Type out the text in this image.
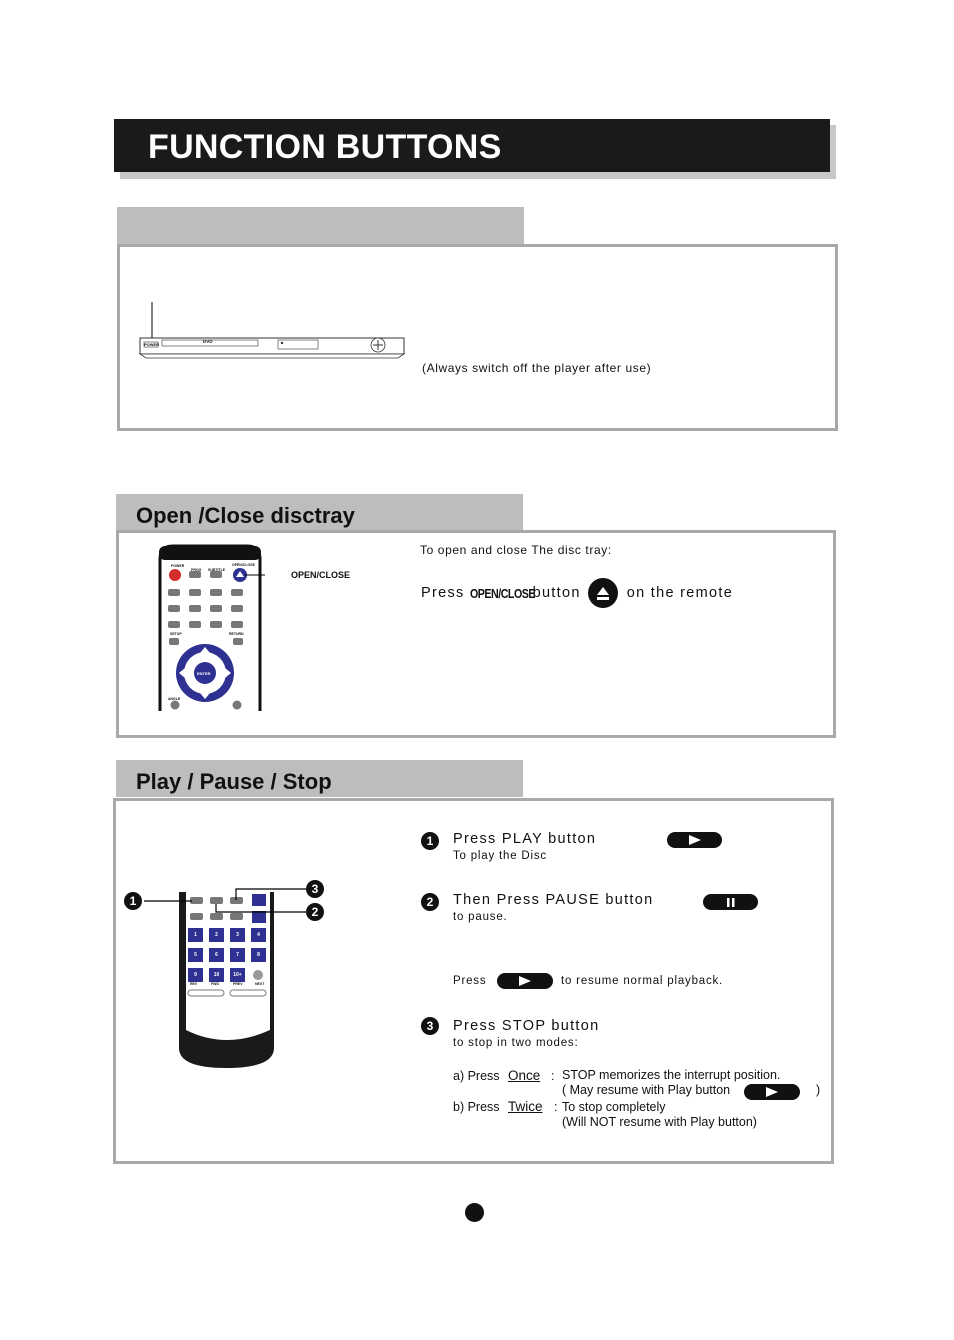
FUNCTION BUTTONS
POWER
DVD
(Always switch off the player after use)
Open /Close disctray
POWER
PROG SUBTITLE
OPEN/CLOSE
SETUP	RETURN
ENTER
ANGLE
OPEN/CLOSE
To open and close The disc tray:
Press OPEN/CLOSE
button	on the remote
Play / Pause / Stop
REV	FWD	PREV	NEXT
1	2	3	4
5	6	7	8
9	10	10+
1
2
3
1	Press PLAY button
To play the Disc
2	Then Press PAUSE button
to pause.
Press	to resume normal playback.
3	Press STOP button
to stop in two modes:
a) Press Once : STOP memorizes the interrupt position.
( May resume with Play button	)
b) Press Twice : To stop completely
(Will NOT resume with Play button)
